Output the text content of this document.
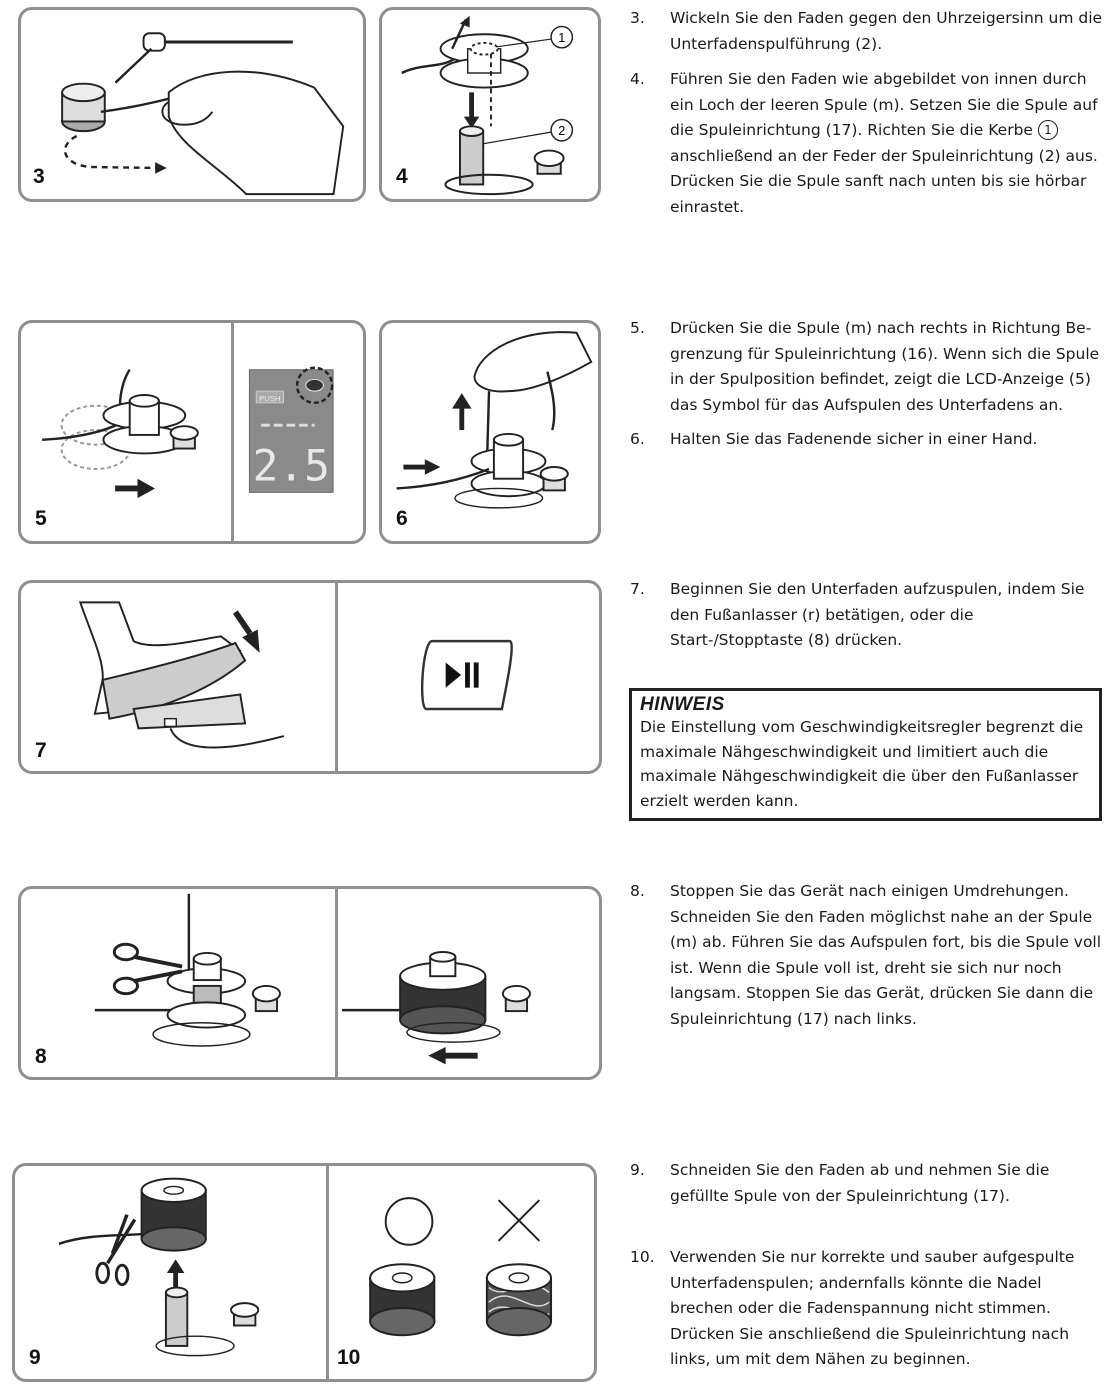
3
1
2
4
PUSH
2.5
5	6
7
8
9	10
3.	Wickeln Sie den Faden gegen den Uhrzeigersinn um die Unterfadenspulführung (2).
4.	Führen Sie den Faden wie abgebildet von innen durch ein Loch der leeren Spule (m). Setzen Sie die Spule auf die Spuleinrichtung (17). Richten Sie die Kerbe 1 anschließend an der Feder der Spuleinrichtung (2) aus. Drücken Sie die Spule sanft nach unten bis sie hörbar einrastet.
5.	Drücken Sie die Spule (m) nach rechts in Richtung Begrenzung für Spuleinrichtung (16). Wenn sich die Spule in der Spulposition befindet, zeigt die LCD-Anzeige (5) das Symbol für das Aufspulen des Unterfadens an.
6.	Halten Sie das Fadenende sicher in einer Hand.
7.	Beginnen Sie den Unterfaden aufzuspulen, indem Sie den Fußanlasser (r) betätigen, oder die Start-/Stopptaste (8) drücken.
HINWEIS
Die Einstellung vom Geschwindigkeitsregler begrenzt die maximale Nähgeschwindigkeit und limitiert auch die maximale Nähgeschwindigkeit die über den Fußanlasser erzielt werden kann.
8.	Stoppen Sie das Gerät nach einigen Umdrehungen. Schneiden Sie den Faden möglichst nahe an der Spule (m) ab. Führen Sie das Aufspulen fort, bis die Spule voll ist. Wenn die Spule voll ist, dreht sie sich nur noch langsam. Stoppen Sie das Gerät, drücken Sie dann die Spuleinrichtung (17) nach links.
9.	Schneiden Sie den Faden ab und nehmen Sie die gefüllte Spule von der Spuleinrichtung (17).
10. Verwenden Sie nur korrekte und sauber aufgespulte Unterfadenspulen; andernfalls könnte die Nadel brechen oder die Fadenspannung nicht stimmen. Drücken Sie anschließend die Spuleinrichtung nach links, um mit dem Nähen zu beginnen.
